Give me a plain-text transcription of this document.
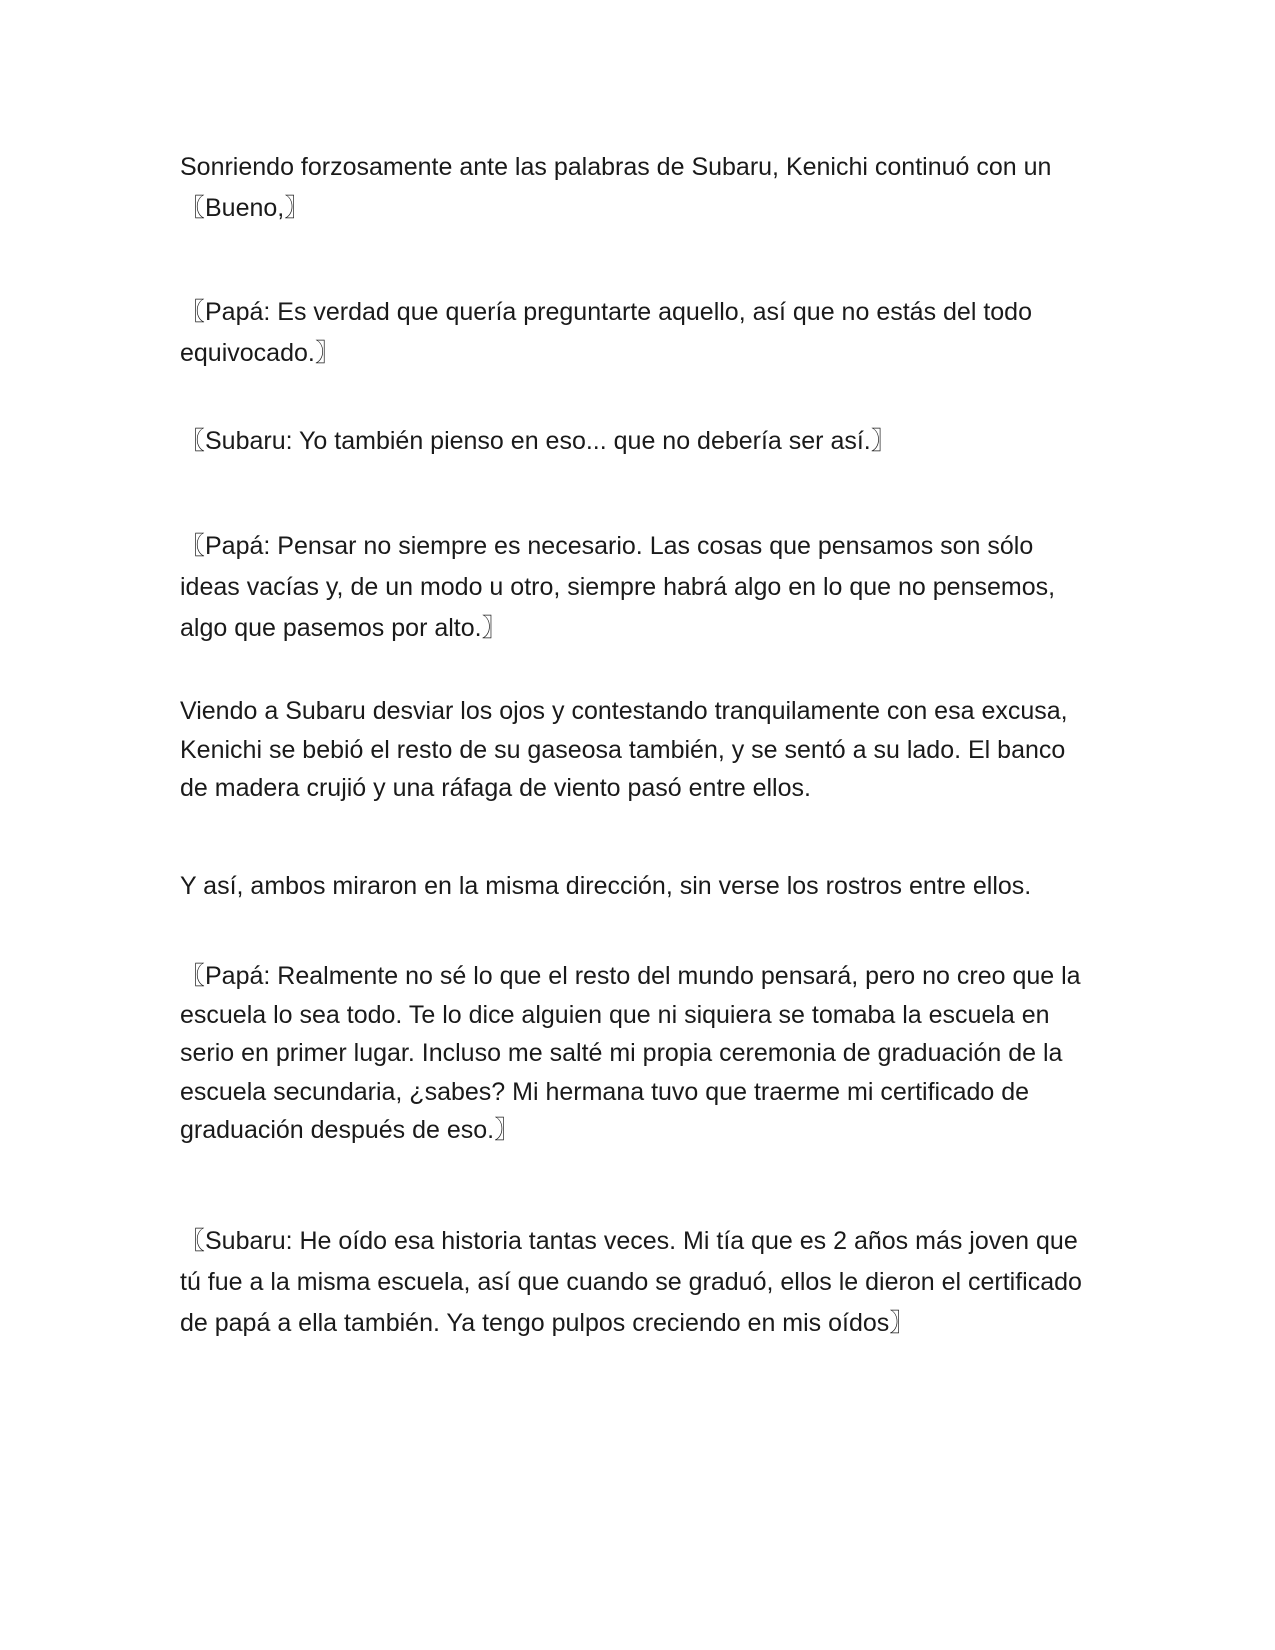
Sonriendo forzosamente ante las palabras de Subaru, Kenichi continuó con un 〖Bueno,〗

〖Papá: Es verdad que quería preguntarte aquello, así que no estás del todo equivocado.〗

〖Subaru: Yo también pienso en eso... que no debería ser así.〗

〖Papá: Pensar no siempre es necesario. Las cosas que pensamos son sólo ideas vacías y, de un modo u otro, siempre habrá algo en lo que no pensemos, algo que pasemos por alto.〗

Viendo a Subaru desviar los ojos y contestando tranquilamente con esa excusa, Kenichi se bebió el resto de su gaseosa también, y se sentó a su lado. El banco de madera crujió y una ráfaga de viento pasó entre ellos.

Y así, ambos miraron en la misma dirección, sin verse los rostros entre ellos.

〖Papá: Realmente no sé lo que el resto del mundo pensará, pero no creo que la escuela lo sea todo. Te lo dice alguien que ni siquiera se tomaba la escuela en serio en primer lugar. Incluso me salté mi propia ceremonia de graduación de la escuela secundaria, ¿sabes? Mi hermana tuvo que traerme mi certificado de graduación después de eso.〗

〖Subaru: He oído esa historia tantas veces. Mi tía que es 2 años más joven que tú fue a la misma escuela, así que cuando se graduó, ellos le dieron el certificado de papá a ella también. Ya tengo pulpos creciendo en mis oídos〗
